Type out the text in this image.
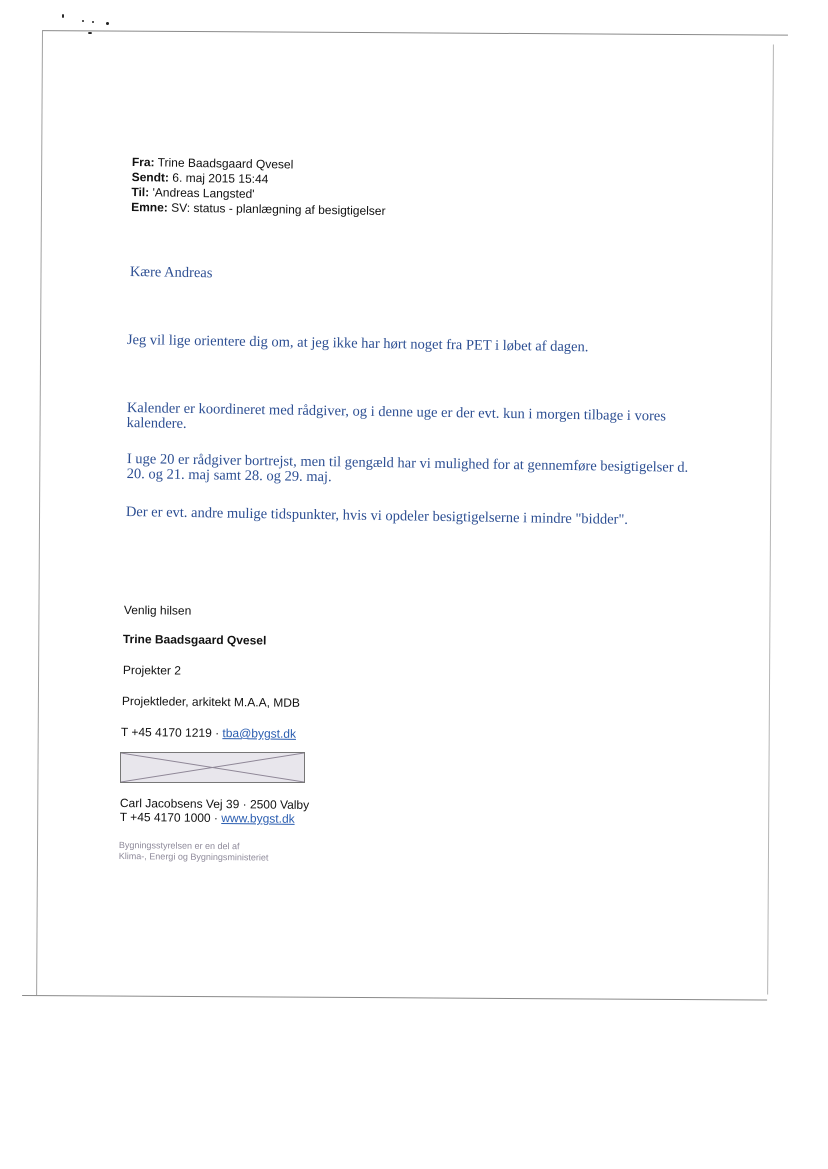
Fra: Trine Baadsgaard Qvesel
Sendt: 6. maj 2015 15:44
Til: 'Andreas Langsted'
Emne: SV: status - planlægning af besigtigelser
Kære Andreas
Jeg vil lige orientere dig om, at jeg ikke har hørt noget fra PET i løbet af dagen.
Kalender er koordineret med rådgiver, og i denne uge er der evt. kun i morgen tilbage i vores kalendere.
I uge 20 er rådgiver bortrejst, men til gengæld har vi mulighed for at gennemføre besigtigelser d. 20. og 21. maj samt 28. og 29. maj.
Der er evt. andre mulige tidspunkter, hvis vi opdeler besigtigelserne i mindre "bidder".
Venlig hilsen
Trine Baadsgaard Qvesel
Projekter 2
Projektleder, arkitekt M.A.A, MDB
T +45 4170 1219 · tba@bygst.dk
Carl Jacobsens Vej 39 · 2500 Valby
T +45 4170 1000 · www.bygst.dk
Bygningsstyrelsen er en del af
Klima-, Energi og Bygningsministeriet
